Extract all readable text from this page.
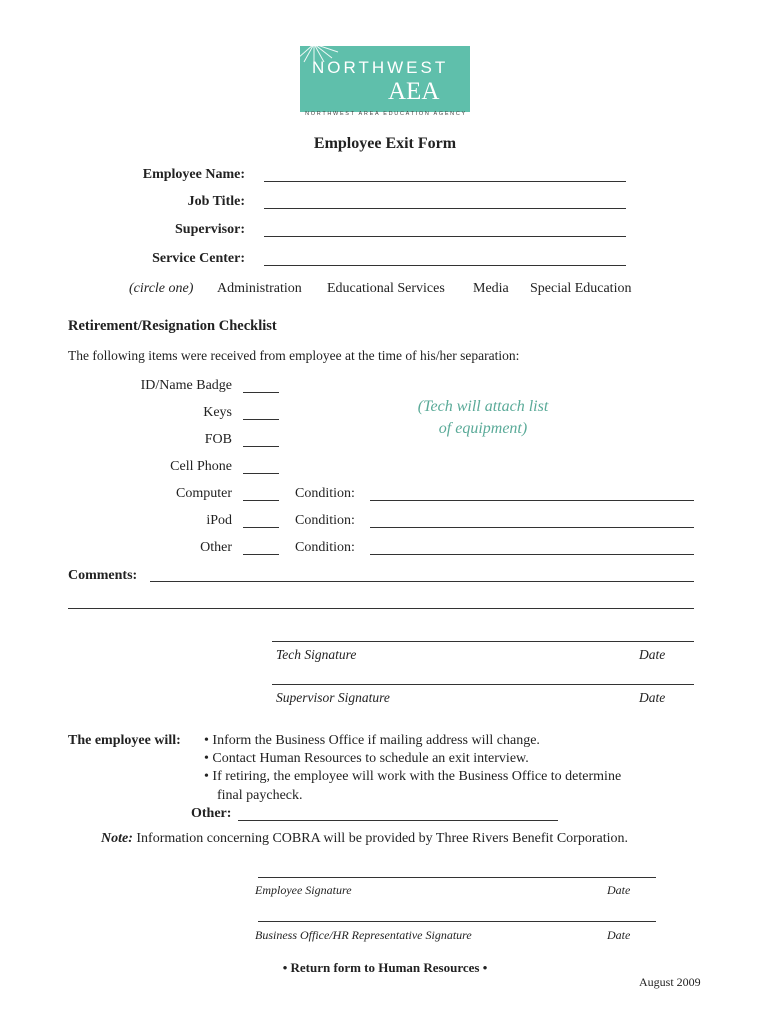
NORTHWEST
AEA
NORTHWEST AREA EDUCATION AGENCY
Employee Exit Form
Employee Name:
Job Title:
Supervisor:
Service Center:
(circle one) Administration Educational Services Media Special Education
Retirement/Resignation Checklist
The following items were received from employee at the time of his/her separation:
ID/Name Badge
Keys
FOB
Cell Phone
Computer	Condition:
iPod	Condition:
Other	Condition:
(Tech will attach list
of equipment)
Comments:
Tech Signature	Date
Supervisor Signature	Date
The employee will: • Inform the Business Office if mailing address will change.
• Contact Human Resources to schedule an exit interview.
• If retiring, the employee will work with the Business Office to determine
final paycheck.
Other:
Note: Information concerning COBRA will be provided by Three Rivers Benefit Corporation.
Employee Signature	Date
Business Office/HR Representative Signature	Date
• Return form to Human Resources •
August 2009
